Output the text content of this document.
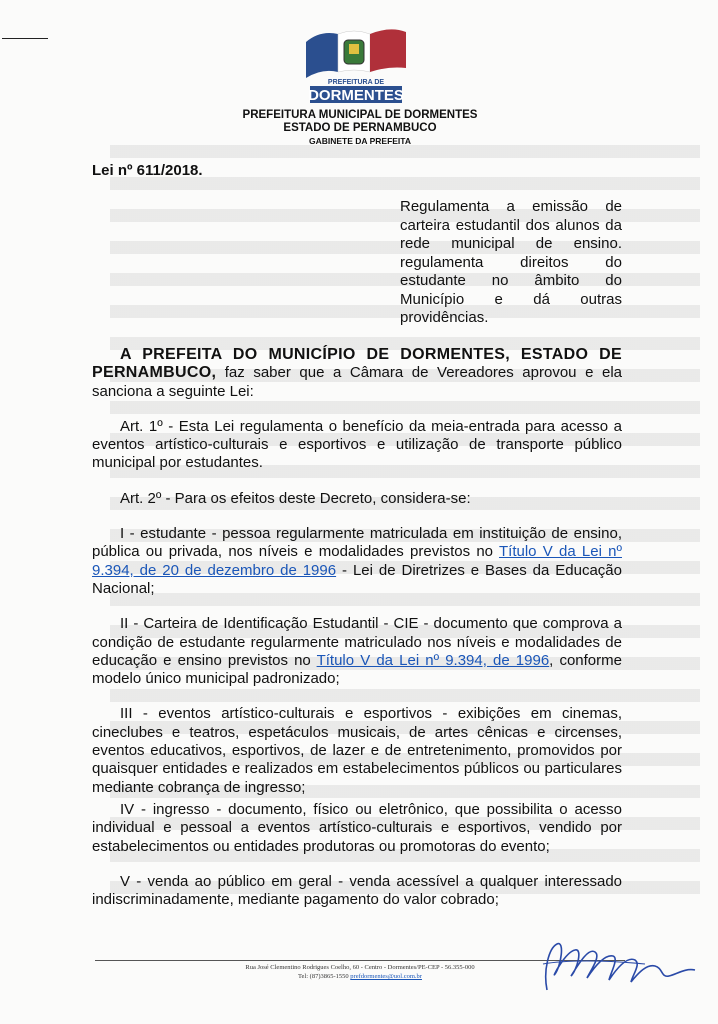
PREFEITURA DE
DORMENTES
PREFEITURA MUNICIPAL DE DORMENTES
ESTADO DE PERNAMBUCO
GABINETE DA PREFEITA
Lei nº 611/2018.
Regulamenta a emissão de carteira estudantil dos alunos da rede municipal de ensino. regulamenta direitos do estudante no âmbito do Município e dá outras providências.

A PREFEITA DO MUNICÍPIO DE DORMENTES, ESTADO DE PERNAMBUCO, faz saber que a Câmara de Vereadores aprovou e ela sanciona a seguinte Lei:

Art. 1º - Esta Lei regulamenta o benefício da meia-entrada para acesso a eventos artístico-culturais e esportivos e utilização de transporte público municipal por estudantes.

Art. 2º - Para os efeitos deste Decreto, considera-se:

I - estudante - pessoa regularmente matriculada em instituição de ensino, pública ou privada, nos níveis e modalidades previstos no Título V da Lei nº 9.394, de 20 de dezembro de 1996 - Lei de Diretrizes e Bases da Educação Nacional;

II - Carteira de Identificação Estudantil - CIE - documento que comprova a condição de estudante regularmente matriculado nos níveis e modalidades de educação e ensino previstos no Título V da Lei nº 9.394, de 1996, conforme modelo único municipal padronizado;

III - eventos artístico-culturais e esportivos - exibições em cinemas, cineclubes e teatros, espetáculos musicais, de artes cênicas e circenses, eventos educativos, esportivos, de lazer e de entretenimento, promovidos por quaisquer entidades e realizados em estabelecimentos públicos ou particulares mediante cobrança de ingresso;

IV - ingresso - documento, físico ou eletrônico, que possibilita o acesso individual e pessoal a eventos artístico-culturais e esportivos, vendido por estabelecimentos ou entidades produtoras ou promotoras do evento;

V - venda ao público em geral - venda acessível a qualquer interessado indiscriminadamente, mediante pagamento do valor cobrado;

Rua José Clementino Rodrigues Coelho, 60 - Centro - Dormentes/PE-CEP - 56.355-000
Tel: (87)3865-1550 prefdormentes@uol.com.br
